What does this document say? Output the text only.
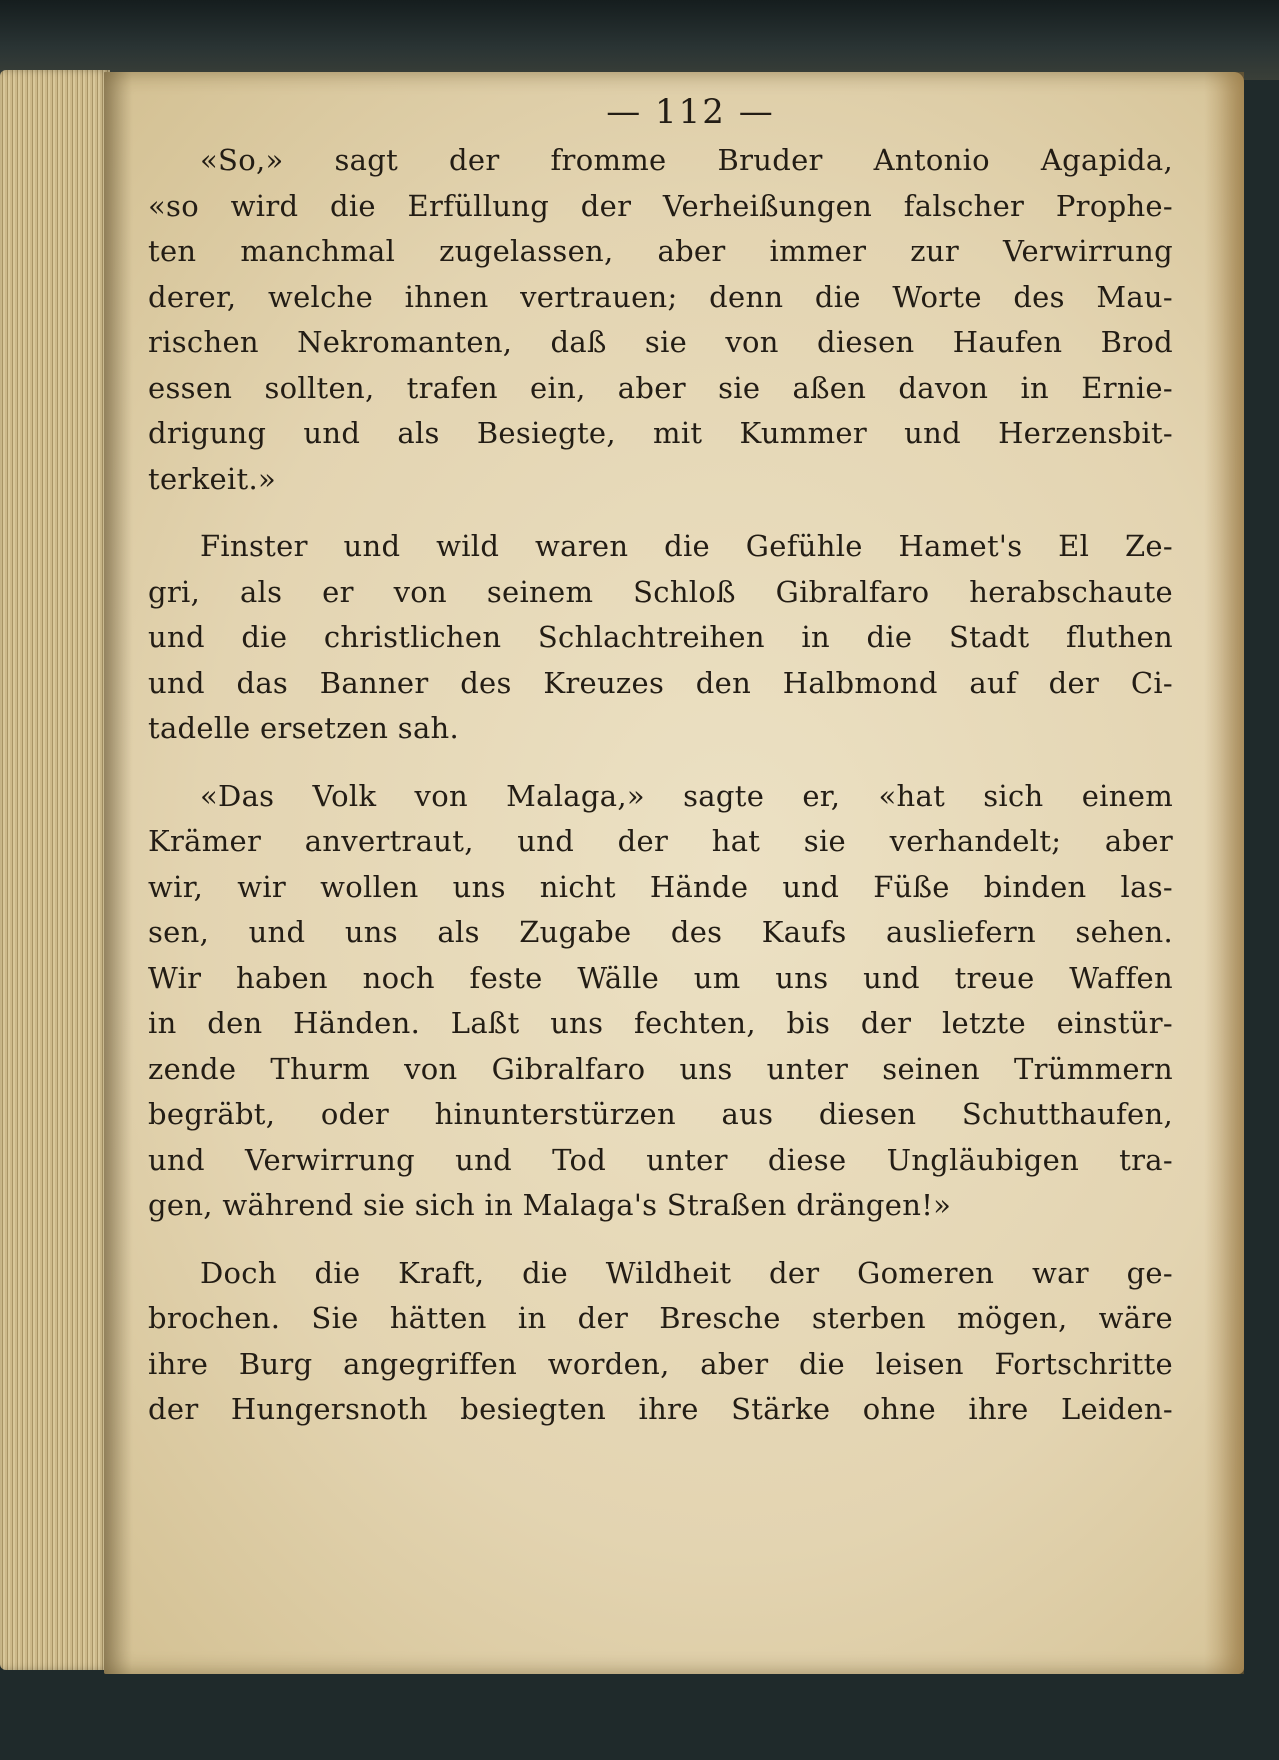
— 112 —
«So,» sagt der fromme Bruder Antonio Agapida,
«so wird die Erfüllung der Verheißungen falscher Prophe-
ten manchmal zugelassen, aber immer zur Verwirrung
derer, welche ihnen vertrauen; denn die Worte des Mau-
rischen Nekromanten, daß sie von diesen Haufen Brod
essen sollten, trafen ein, aber sie aßen davon in Ernie-
drigung und als Besiegte, mit Kummer und Herzensbit-
terkeit.»
Finster und wild waren die Gefühle Hamet's El Ze-
gri, als er von seinem Schloß Gibralfaro herabschaute
und die christlichen Schlachtreihen in die Stadt fluthen
und das Banner des Kreuzes den Halbmond auf der Ci-
tadelle ersetzen sah.
«Das Volk von Malaga,» sagte er, «hat sich einem
Krämer anvertraut, und der hat sie verhandelt; aber
wir, wir wollen uns nicht Hände und Füße binden las-
sen, und uns als Zugabe des Kaufs ausliefern sehen.
Wir haben noch feste Wälle um uns und treue Waffen
in den Händen. Laßt uns fechten, bis der letzte einstür-
zende Thurm von Gibralfaro uns unter seinen Trümmern
begräbt, oder hinunterstürzen aus diesen Schutthaufen,
und Verwirrung und Tod unter diese Ungläubigen tra-
gen, während sie sich in Malaga's Straßen drängen!»
Doch die Kraft, die Wildheit der Gomeren war ge-
brochen. Sie hätten in der Bresche sterben mögen, wäre
ihre Burg angegriffen worden, aber die leisen Fortschritte
der Hungersnoth besiegten ihre Stärke ohne ihre Leiden-
